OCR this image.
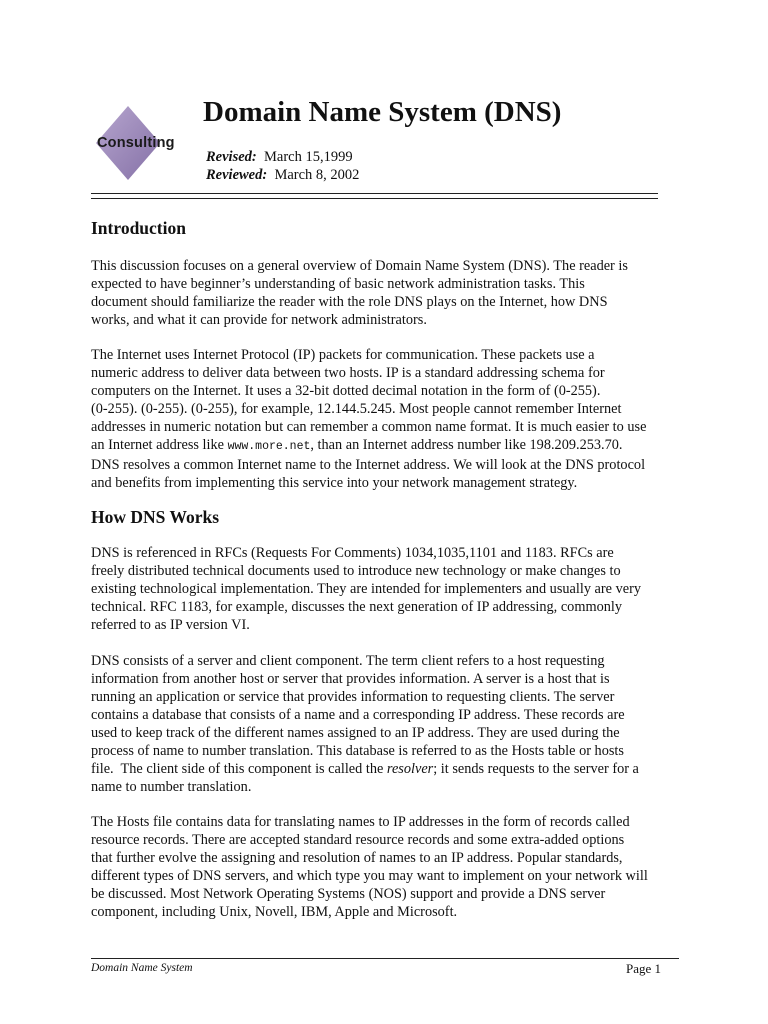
Consulting
Domain Name System (DNS)
Revised: March 15,1999
Reviewed: March 8, 2002
Introduction

This discussion focuses on a general overview of Domain Name System (DNS). The reader is
expected to have beginner’s understanding of basic network administration tasks. This
document should familiarize the reader with the role DNS plays on the Internet, how DNS
works, and what it can provide for network administrators.

The Internet uses Internet Protocol (IP) packets for communication. These packets use a
numeric address to deliver data between two hosts. IP is a standard addressing schema for
computers on the Internet. It uses a 32-bit dotted decimal notation in the form of (0-255).
(0-255). (0-255). (0-255), for example, 12.144.5.245. Most people cannot remember Internet
addresses in numeric notation but can remember a common name format. It is much easier to use
an Internet address like www.more.net, than an Internet address number like 198.209.253.70.
DNS resolves a common Internet name to the Internet address. We will look at the DNS protocol
and benefits from implementing this service into your network management strategy.

How DNS Works

DNS is referenced in RFCs (Requests For Comments) 1034,1035,1101 and 1183. RFCs are
freely distributed technical documents used to introduce new technology or make changes to
existing technological implementation. They are intended for implementers and usually are very
technical. RFC 1183, for example, discusses the next generation of IP addressing, commonly
referred to as IP version VI.

DNS consists of a server and client component. The term client refers to a host requesting
information from another host or server that provides information. A server is a host that is
running an application or service that provides information to requesting clients. The server
contains a database that consists of a name and a corresponding IP address. These records are
used to keep track of the different names assigned to an IP address. They are used during the
process of name to number translation. This database is referred to as the Hosts table or hosts
file.  The client side of this component is called the resolver; it sends requests to the server for a
name to number translation.

The Hosts file contains data for translating names to IP addresses in the form of records called
resource records. There are accepted standard resource records and some extra-added options
that further evolve the assigning and resolution of names to an IP address. Popular standards,
different types of DNS servers, and which type you may want to implement on your network will
be discussed. Most Network Operating Systems (NOS) support and provide a DNS server
component, including Unix, Novell, IBM, Apple and Microsoft.

Domain Name System	Page 1
